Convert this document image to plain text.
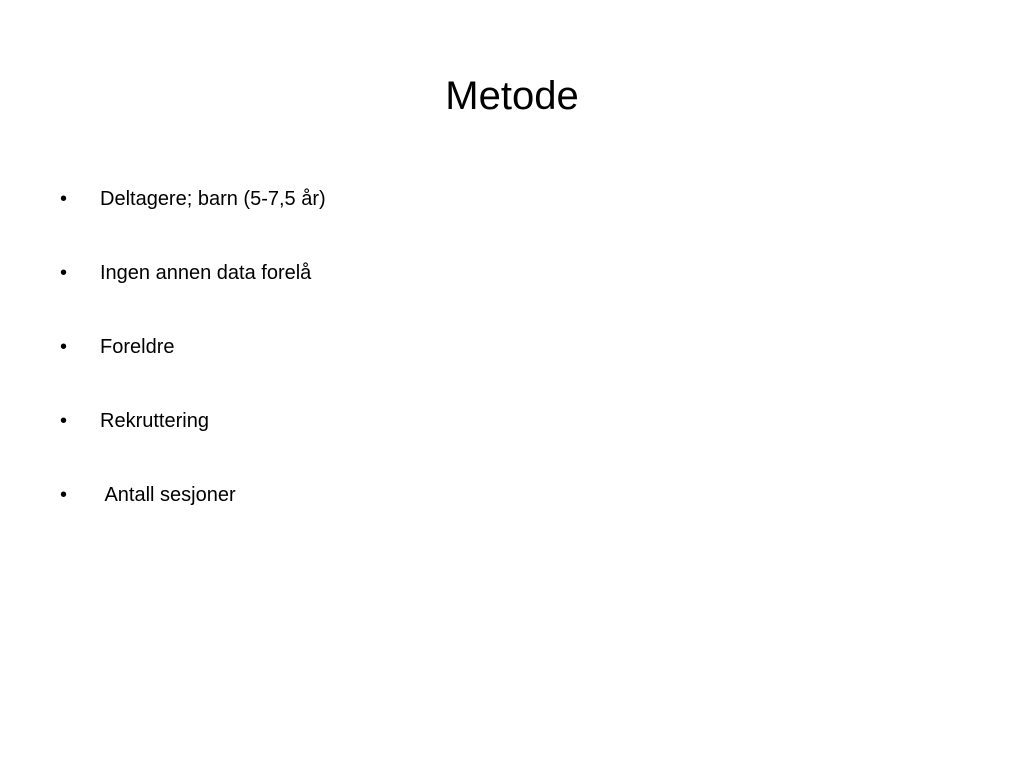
Metode
•	Deltagere; barn (5-7,5 år)
•	Ingen annen data forelå
•	Foreldre
•	Rekruttering
•	Antall sesjoner
